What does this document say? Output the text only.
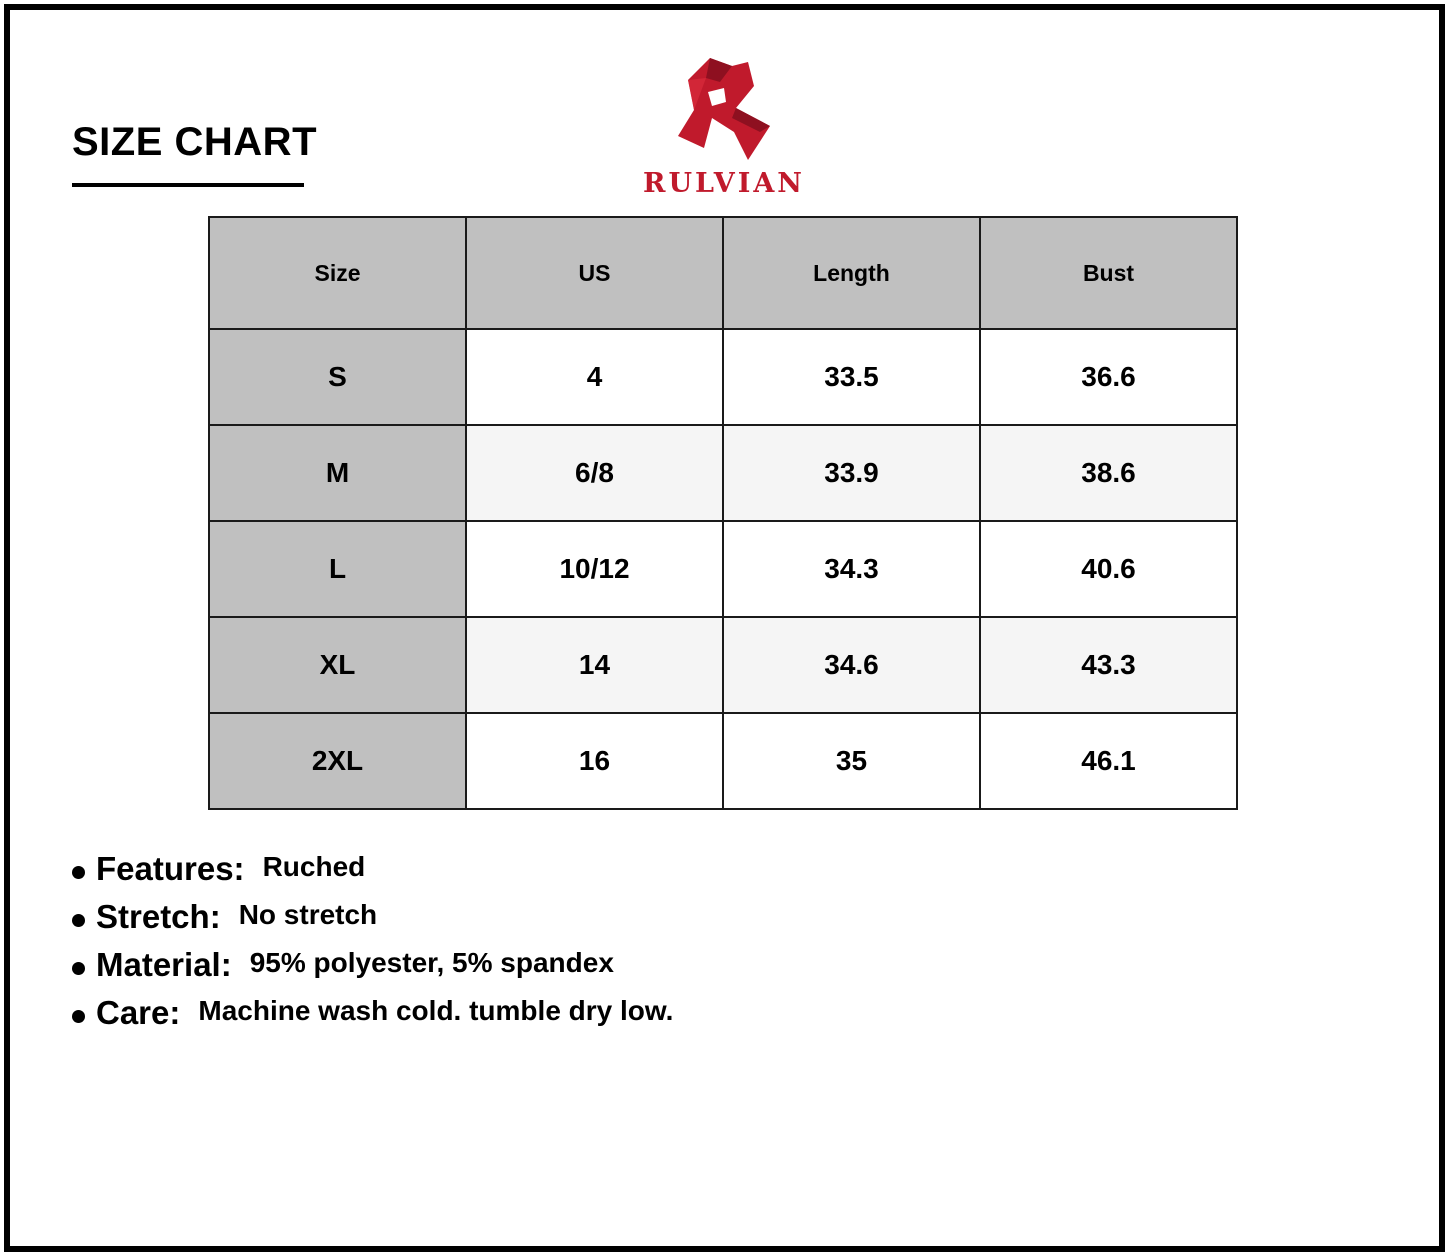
SIZE CHART
RULVIAN
Size	US	Length	Bust
S	4	33.5	36.6
M	6/8	33.9	38.6
L	10/12	34.3	40.6
XL	14	34.6	43.3
2XL	16	35	46.1
Features: Ruched
Stretch: No stretch
Material: 95% polyester, 5% spandex
Care: Machine wash cold. tumble dry low.
